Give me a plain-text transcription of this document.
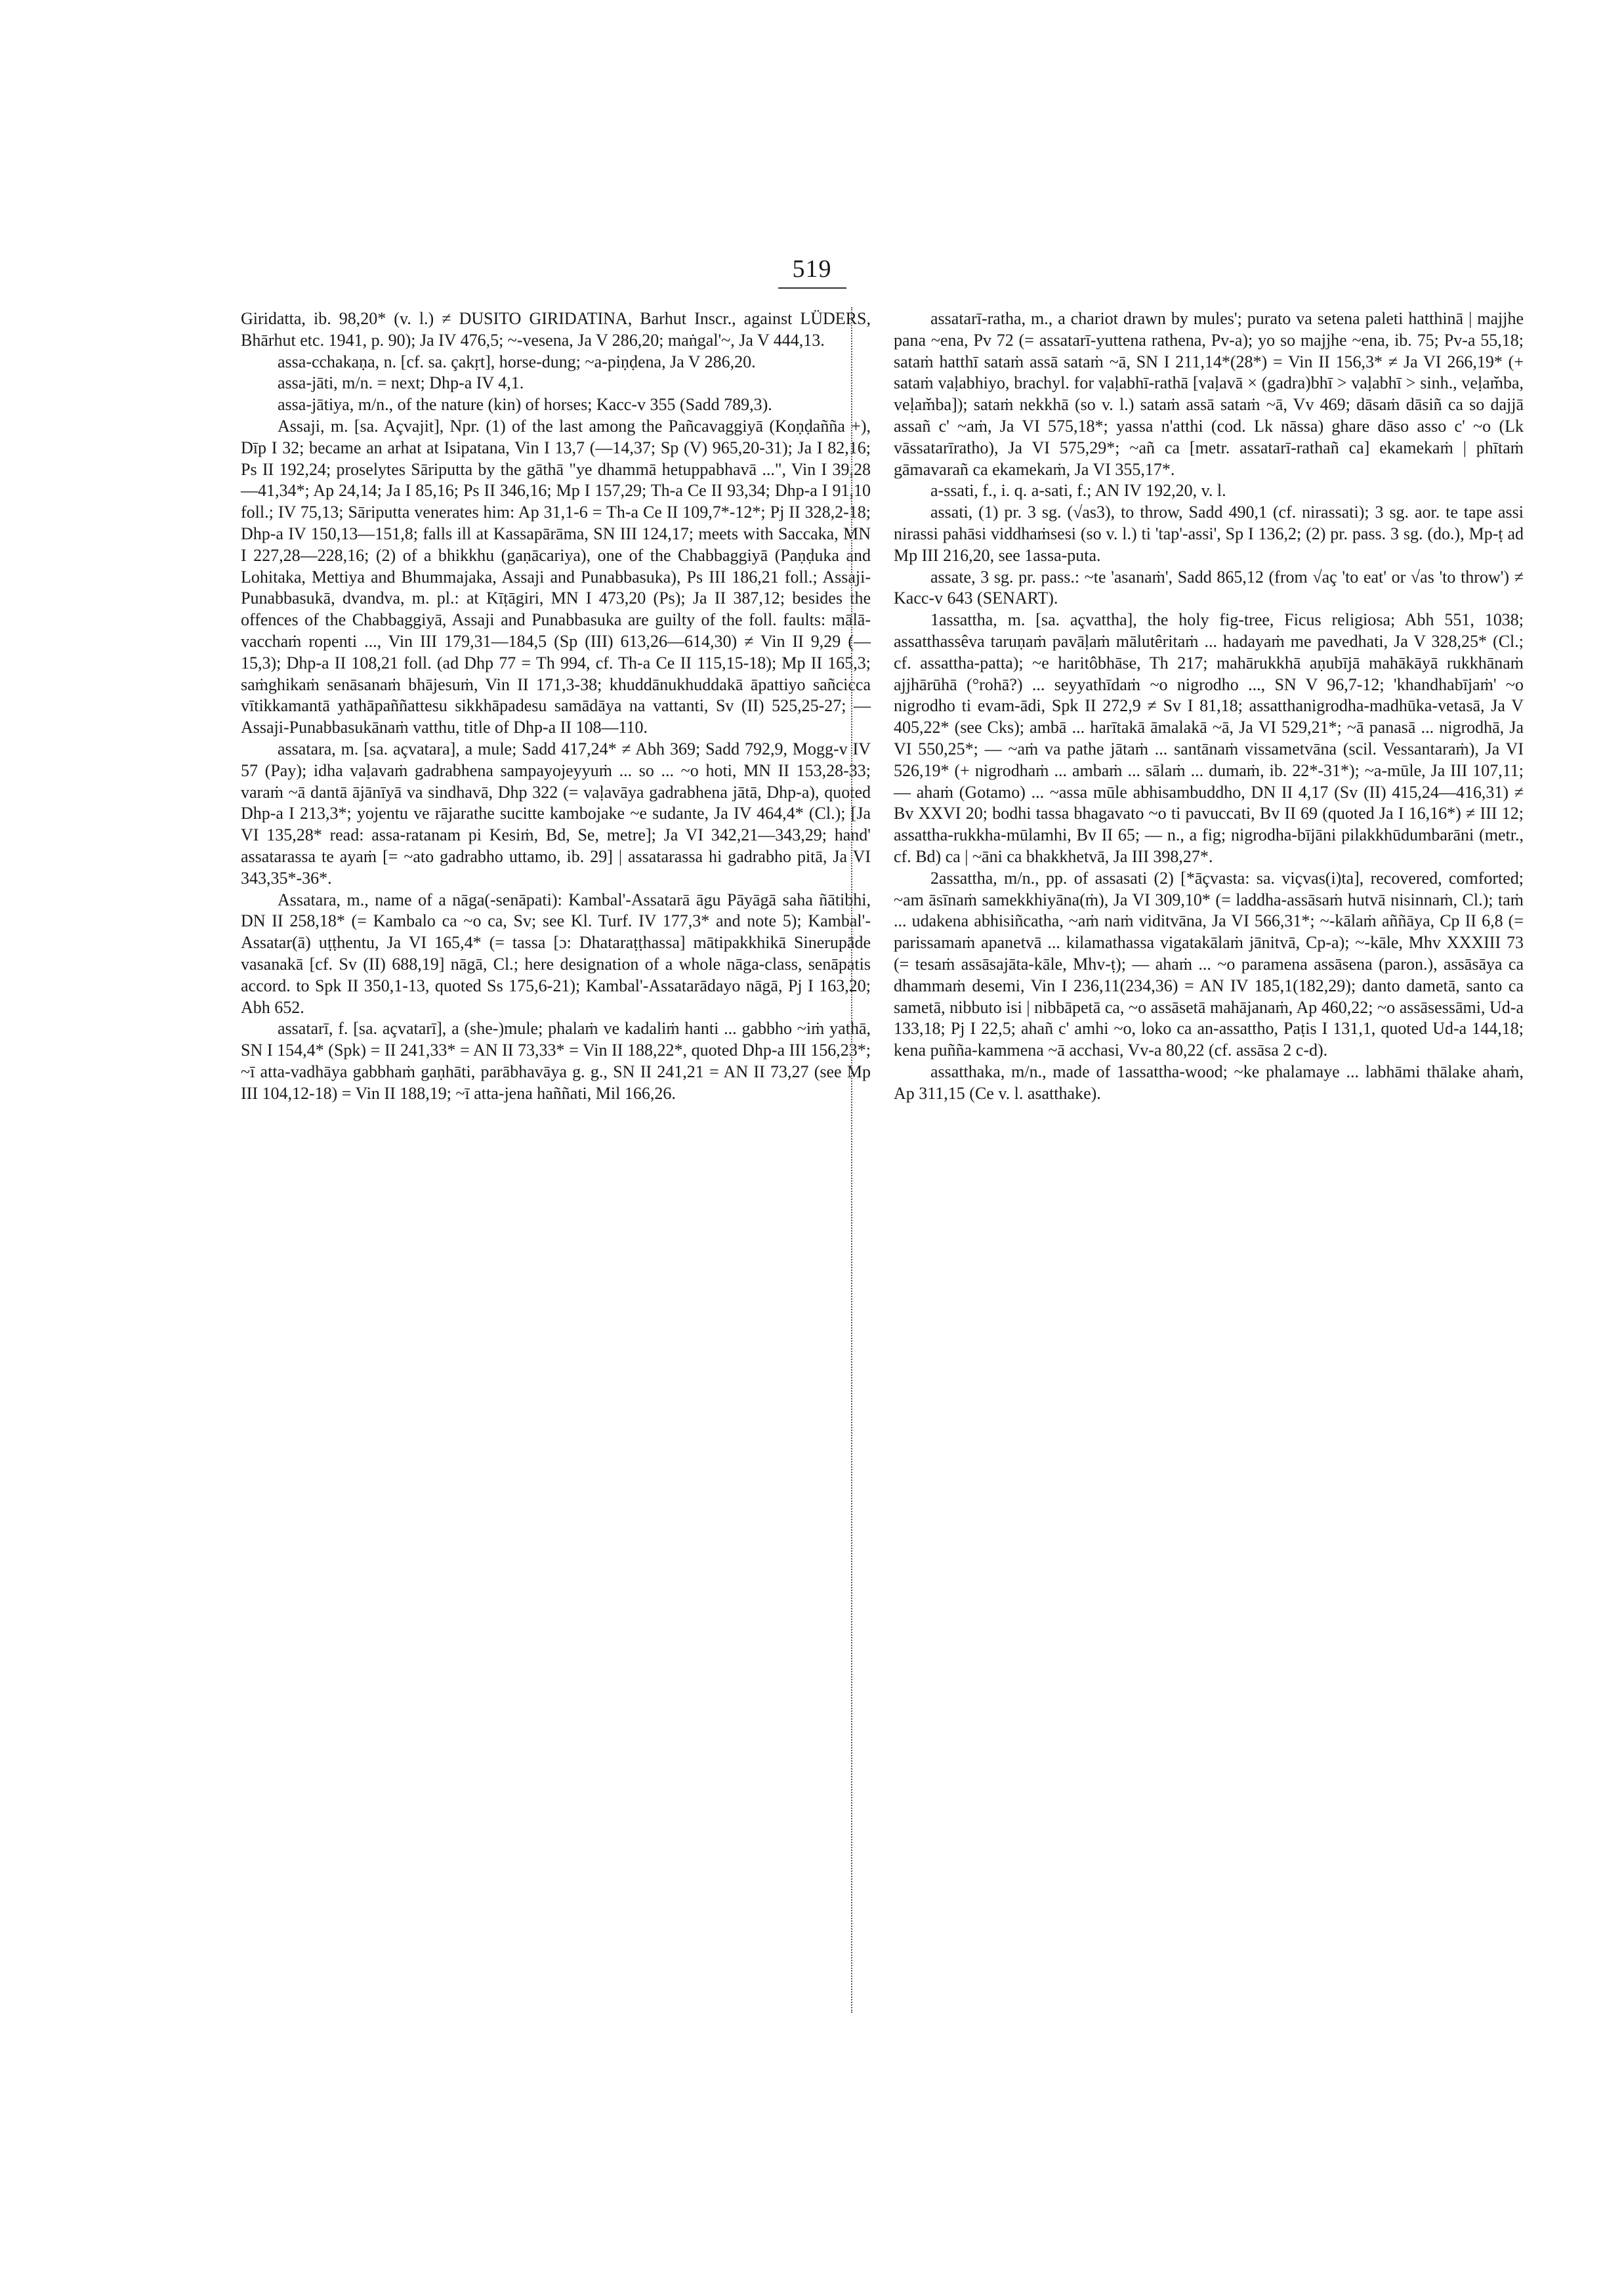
519

Giridatta, ib. 98,20* (v. l.) ≠ DUSITO GIRIDATINA, Barhut Inscr., against LÜDERS, Bhārhut etc. 1941, p. 90); Ja IV 476,5; ~-vesena, Ja V 286,20; maṅgal'~, Ja V 444,13.

assa-cchakaṇa, n. [cf. sa. çakṛt], horse-dung; ~a-piṇḍena, Ja V 286,20.

assa-jāti, m/n. = next; Dhp-a IV 4,1.

assa-jātiya, m/n., of the nature (kin) of horses; Kacc-v 355 (Sadd 789,3).

Assaji, m. [sa. Açvajit], Npr. (1) of the last among the Pañcavaggiyā (Koṇḍañña +), Dīp I 32; became an arhat at Isipatana, Vin I 13,7 (—14,37; Sp (V) 965,20-31); Ja I 82,16; Ps II 192,24; proselytes Sāriputta by the gāthā "ye dhammā hetuppabhavā ...", Vin I 39,28—41,34*; Ap 24,14; Ja I 85,16; Ps II 346,16; Mp I 157,29; Th-a Ce II 93,34; Dhp-a I 91,10 foll.; IV 75,13; Sāriputta venerates him: Ap 31,1-6 = Th-a Ce II 109,7*-12*; Pj II 328,2-18; Dhp-a IV 150,13—151,8; falls ill at Kassapārāma, SN III 124,17; meets with Saccaka, MN I 227,28—228,16; (2) of a bhikkhu (gaṇācariya), one of the Chabbaggiyā (Paṇḍuka and Lohitaka, Mettiya and Bhummajaka, Assaji and Punabbasuka), Ps III 186,21 foll.; Assaji-Punabbasukā, dvandva, m. pl.: at Kīṭāgiri, MN I 473,20 (Ps); Ja II 387,12; besides the offences of the Chabbaggiyā, Assaji and Punabbasuka are guilty of the foll. faults: mālā-vacchaṁ ropenti ..., Vin III 179,31—184,5 (Sp (III) 613,26—614,30) ≠ Vin II 9,29 (—15,3); Dhp-a II 108,21 foll. (ad Dhp 77 = Th 994, cf. Th-a Ce II 115,15-18); Mp II 165,3; saṁghikaṁ senāsanaṁ bhājesuṁ, Vin II 171,3-38; khuddānukhuddakā āpattiyo sañcicca vītikkamantā yathāpaññattesu sikkhāpadesu samādāya na vattanti, Sv (II) 525,25-27; — Assaji-Punabbasukānaṁ vatthu, title of Dhp-a II 108—110.

assatara, m. [sa. açvatara], a mule; Sadd 417,24* ≠ Abh 369; Sadd 792,9, Mogg-v IV 57 (Pay); idha vaḷavaṁ gadrabhena sampayojeyyuṁ ... so ... ~o hoti, MN II 153,28-33; varaṁ ~ā dantā ājānīyā va sindhavā, Dhp 322 (= vaḷavāya gadrabhena jātā, Dhp-a), quoted Dhp-a I 213,3*; yojentu ve rājarathe sucitte kambojake ~e sudante, Ja IV 464,4* (Cl.); [Ja VI 135,28* read: assa-ratanam pi Kesiṁ, Bd, Se, metre]; Ja VI 342,21—343,29; hand' assatarassa te ayaṁ [= ~ato gadrabho uttamo, ib. 29] | assatarassa hi gadrabho pitā, Ja VI 343,35*-36*.

Assatara, m., name of a nāga(-senāpati): Kambal'-Assatarā āgu Pāyāgā saha ñātibhi, DN II 258,18* (= Kambalo ca ~o ca, Sv; see Kl. Turf. IV 177,3* and note 5); Kambal'-Assatar(ā) uṭṭhentu, Ja VI 165,4* (= tassa [ɔ: Dhataraṭṭhassa] mātipakkhikā Sinerupāde vasanakā [cf. Sv (II) 688,19] nāgā, Cl.; here designation of a whole nāga-class, senāpatis accord. to Spk II 350,1-13, quoted Ss 175,6-21); Kambal'-Assatarādayo nāgā, Pj I 163,20; Abh 652.

assatarī, f. [sa. açvatarī], a (she-)mule; phalaṁ ve kadaliṁ hanti ... gabbho ~iṁ yathā, SN I 154,4* (Spk) = II 241,33* = AN II 73,33* = Vin II 188,22*, quoted Dhp-a III 156,23*; ~ī atta-vadhāya gabbhaṁ gaṇhāti, parābhavāya g. g., SN II 241,21 = AN II 73,27 (see Mp III 104,12-18) = Vin II 188,19; ~ī atta-jena haññati, Mil 166,26.

assatarī-ratha, m., a chariot drawn by mules'; purato va setena paleti hatthinā | majjhe pana ~ena, Pv 72 (= assatarī-yuttena rathena, Pv-a); yo so majjhe ~ena, ib. 75; Pv-a 55,18; sataṁ hatthī sataṁ assā sataṁ ~ā, SN I 211,14*(28*) = Vin II 156,3* ≠ Ja VI 266,19* (+ sataṁ vaḷabhiyo, brachyl. for vaḷabhī-rathā [vaḷavā × (gadra)bhī > vaḷabhī > sinh., veḷam̆ba, veḷam̆ba]); sataṁ nekkhā (so v. l.) sataṁ assā sataṁ ~ā, Vv 469; dāsaṁ dāsiñ ca so dajjā assañ c' ~aṁ, Ja VI 575,18*; yassa n'atthi (cod. Lk nāssa) ghare dāso asso c' ~o (Lk vāssatarīratho), Ja VI 575,29*; ~añ ca [metr. assatarī-rathañ ca] ekamekaṁ | phītaṁ gāmavarañ ca ekamekaṁ, Ja VI 355,17*.

a-ssati, f., i. q. a-sati, f.; AN IV 192,20, v. l.

assati, (1) pr. 3 sg. (√as3), to throw, Sadd 490,1 (cf. nirassati); 3 sg. aor. te tape assi nirassi pahāsi viddhaṁsesi (so v. l.) ti 'tap'-assi', Sp I 136,2; (2) pr. pass. 3 sg. (do.), Mp-ṭ ad Mp III 216,20, see 1assa-puta.

assate, 3 sg. pr. pass.: ~te 'asanaṁ', Sadd 865,12 (from √aç 'to eat' or √as 'to throw') ≠ Kacc-v 643 (SENART).

1assattha, m. [sa. açvattha], the holy fig-tree, Ficus religiosa; Abh 551, 1038; assatthassêva taruṇaṁ pavāḷaṁ mālutêritaṁ ... hadayaṁ me pavedhati, Ja V 328,25* (Cl.; cf. assattha-patta); ~e haritôbhāse, Th 217; mahārukkhā aṇubījā mahākāyā rukkhānaṁ ajjhārūhā (°rohā?) ... seyyathīdaṁ ~o nigrodho ..., SN V 96,7-12; 'khandhabījaṁ' ~o nigrodho ti evam-ādi, Spk II 272,9 ≠ Sv I 81,18; assatthanigrodha-madhūka-vetasā, Ja V 405,22* (see Cks); ambā ... harītakā āmalakā ~ā, Ja VI 529,21*; ~ā panasā ... nigrodhā, Ja VI 550,25*; — ~aṁ va pathe jātaṁ ... santānaṁ vissametvāna (scil. Vessantaraṁ), Ja VI 526,19* (+ nigrodhaṁ ... ambaṁ ... sālaṁ ... dumaṁ, ib. 22*-31*); ~a-mūle, Ja III 107,11; — ahaṁ (Gotamo) ... ~assa mūle abhisambuddho, DN II 4,17 (Sv (II) 415,24—416,31) ≠ Bv XXVI 20; bodhi tassa bhagavato ~o ti pavuccati, Bv II 69 (quoted Ja I 16,16*) ≠ III 12; assattha-rukkha-mūlamhi, Bv II 65; — n., a fig; nigrodha-bījāni pilakkhūdumbarāni (metr., cf. Bd) ca | ~āni ca bhakkhetvā, Ja III 398,27*.

2assattha, m/n., pp. of assasati (2) [*āçvasta: sa. viçvas(i)ta], recovered, comforted; ~am āsīnaṁ samekkhiyāna(ṁ), Ja VI 309,10* (= laddha-assāsaṁ hutvā nisinnaṁ, Cl.); taṁ ... udakena abhisiñcatha, ~aṁ naṁ viditvāna, Ja VI 566,31*; ~-kālaṁ aññāya, Cp II 6,8 (= parissamaṁ apanetvā ... kilamathassa vigatakālaṁ jānitvā, Cp-a); ~-kāle, Mhv XXXIII 73 (= tesaṁ assāsajāta-kāle, Mhv-ṭ); — ahaṁ ... ~o paramena assāsena (paron.), assāsāya ca dhammaṁ desemi, Vin I 236,11(234,36) = AN IV 185,1(182,29); danto dametā, santo ca sametā, nibbuto isi | nibbāpetā ca, ~o assāsetā mahājanaṁ, Ap 460,22; ~o assāsessāmi, Ud-a 133,18; Pj I 22,5; ahañ c' amhi ~o, loko ca an-assattho, Paṭis I 131,1, quoted Ud-a 144,18; kena puñña-kammena ~ā acchasi, Vv-a 80,22 (cf. assāsa 2 c-d).

assatthaka, m/n., made of 1assattha-wood; ~ke phalamaye ... labhāmi thālake ahaṁ, Ap 311,15 (Ce v. l. asatthake).
